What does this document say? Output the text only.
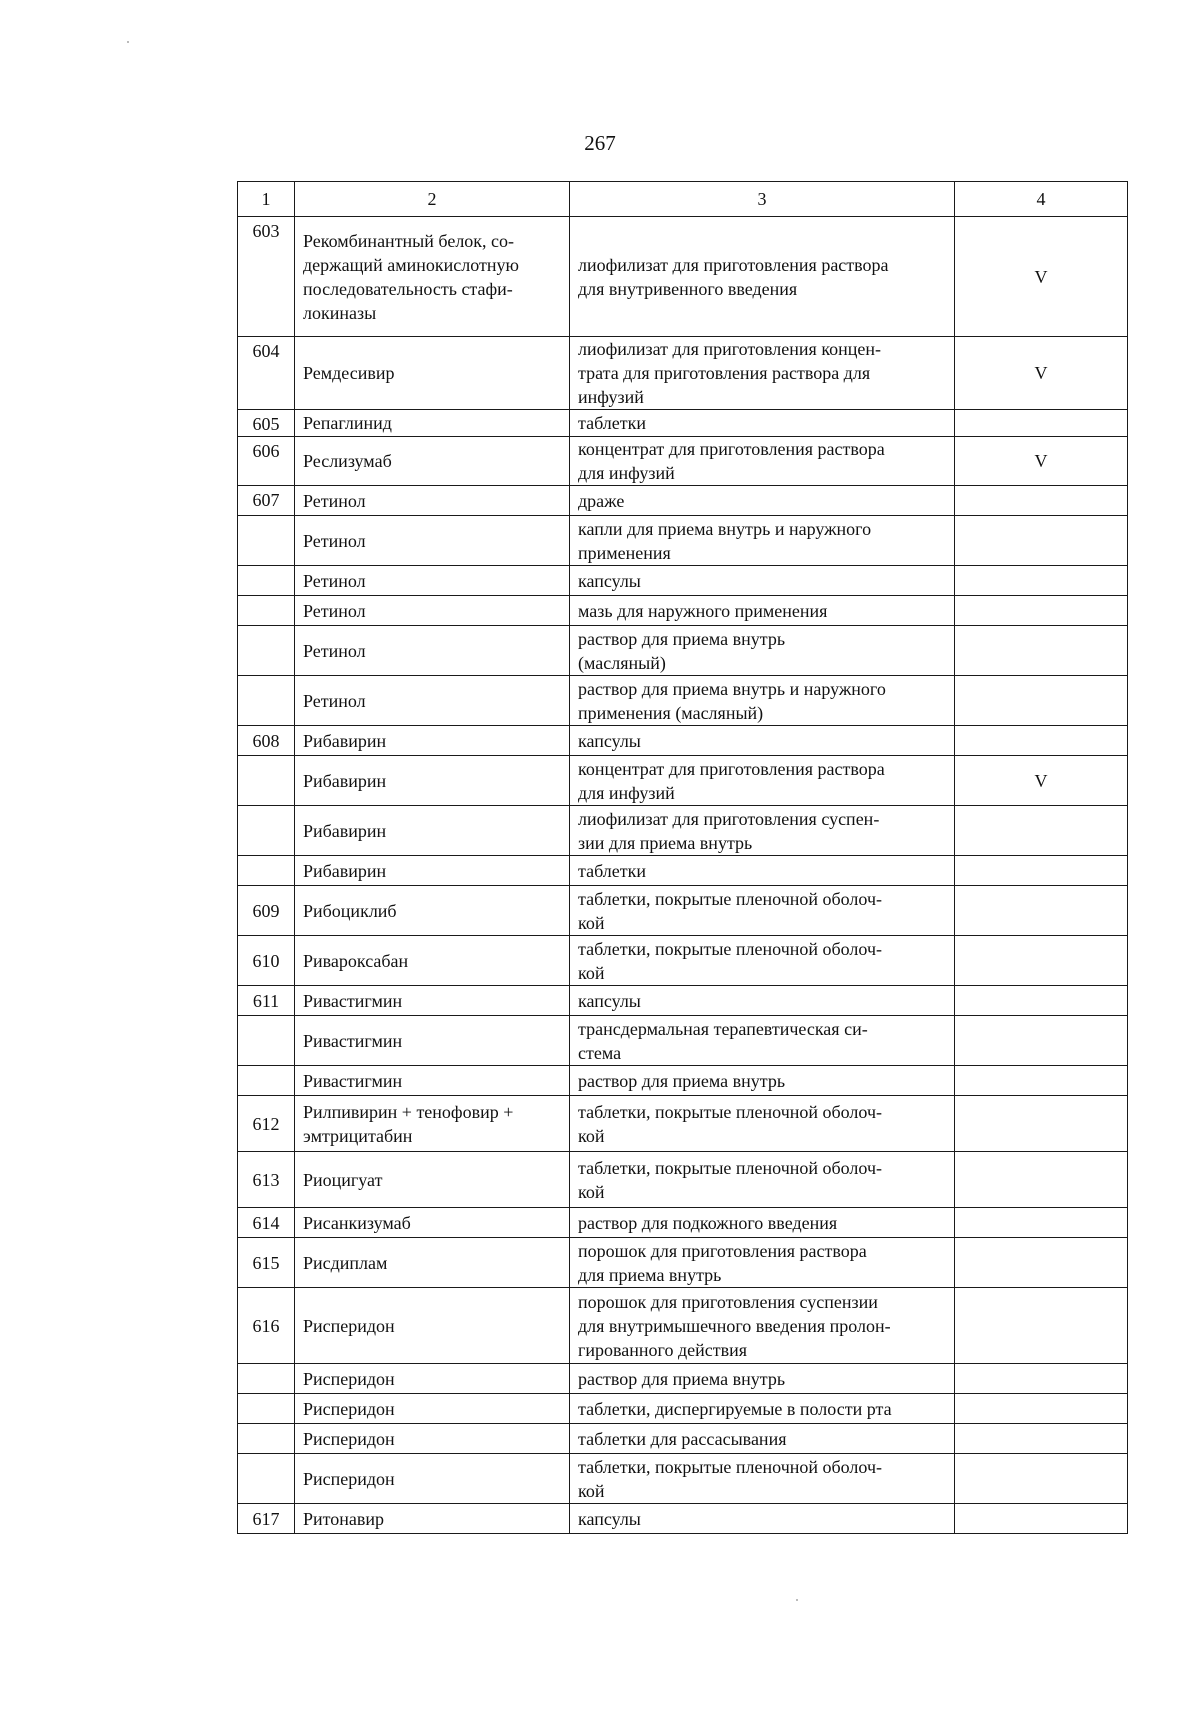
267
1	2	3	4
603	Рекомбинантный белок, со-
держащий аминокислотную
последовательность стафи-
локиназы	лиофилизат для приготовления раствора
для внутривенного введения	V
604	Ремдесивир	лиофилизат для приготовления концен-
трата для приготовления раствора для
инфузий	V
605	Репаглинид	таблетки	
606	Реслизумаб	концентрат для приготовления раствора
для инфузий	V
607	Ретинол	драже	
	Ретинол	капли для приема внутрь и наружного
применения	
	Ретинол	капсулы	
	Ретинол	мазь для наружного применения	
	Ретинол	раствор для приема внутрь
(масляный)	
	Ретинол	раствор для приема внутрь и наружного
применения (масляный)	
608	Рибавирин	капсулы	
	Рибавирин	концентрат для приготовления раствора
для инфузий	V
	Рибавирин	лиофилизат для приготовления суспен-
зии для приема внутрь	
	Рибавирин	таблетки	
609	Рибоциклиб	таблетки, покрытые пленочной оболоч-
кой	
610	Ривароксабан	таблетки, покрытые пленочной оболоч-
кой	
611	Ривастигмин	капсулы	
	Ривастигмин	трансдермальная терапевтическая си-
стема	
	Ривастигмин	раствор для приема внутрь	
612	Рилпивирин + тенофовир +
эмтрицитабин	таблетки, покрытые пленочной оболоч-
кой	
613	Риоцигуат	таблетки, покрытые пленочной оболоч-
кой	
614	Рисанкизумаб	раствор для подкожного введения	
615	Рисдиплам	порошок для приготовления раствора
для приема внутрь	
616	Рисперидон	порошок для приготовления суспензии
для внутримышечного введения пролон-
гированного действия	
	Рисперидон	раствор для приема внутрь	
	Рисперидон	таблетки, диспергируемые в полости рта	
	Рисперидон	таблетки для рассасывания	
	Рисперидон	таблетки, покрытые пленочной оболоч-
кой	
617	Ритонавир	капсулы	
